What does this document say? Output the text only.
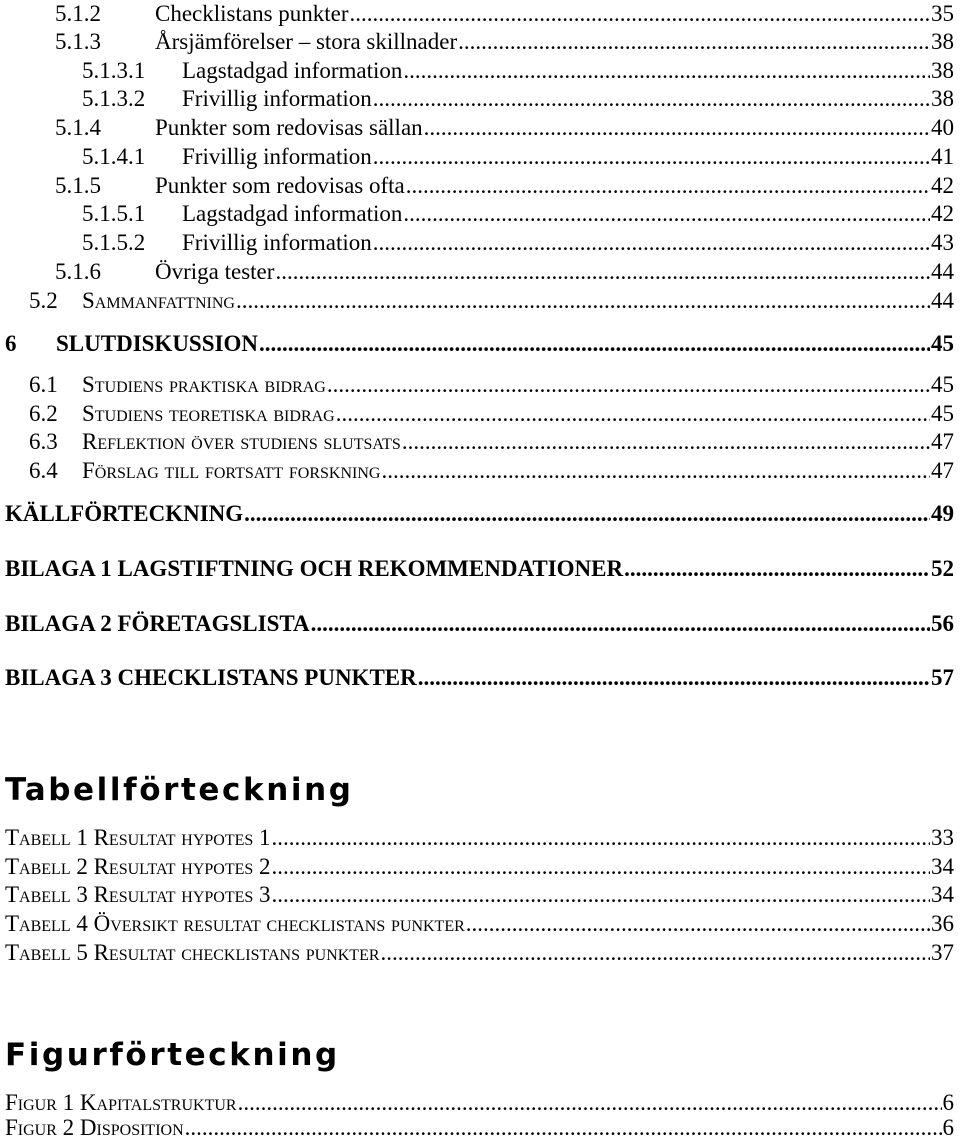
5.1.2 Checklistans punkter .....	35
5.1.3 Årsjämförelser – stora skillnader .....	38
5.1.3.1 Lagstadgad information .....	38
5.1.3.2 Frivillig information .....	38
5.1.4 Punkter som redovisas sällan .....	40
5.1.4.1 Frivillig information .....	41
5.1.5 Punkter som redovisas ofta .....	42
5.1.5.1 Lagstadgad information .....	42
5.1.5.2 Frivillig information .....	43
5.1.6 Övriga tester .....	44
5.2 Sammanfattning .....	44
6 SLUTDISKUSSION .....	45
6.1 Studiens praktiska bidrag .....	45
6.2 Studiens teoretiska bidrag .....	45
6.3 Reflektion över studiens slutsats .....	47
6.4 Förslag till fortsatt forskning .....	47
KÄLLFÖRTECKNING .....	49
BILAGA 1 LAGSTIFTNING OCH REKOMMENDATIONER .....	52
BILAGA 2 FÖRETAGSLISTA .....	56
BILAGA 3 CHECKLISTANS PUNKTER .....	57
Tabellförteckning
Tabell 1 Resultat hypotes 1 .....	33
Tabell 2 Resultat hypotes 2 .....	34
Tabell 3 Resultat hypotes 3 .....	34
Tabell 4 Översikt resultat checklistans punkter .....	36
Tabell 5 Resultat checklistans punkter .....	37
Figurförteckning
Figur 1 Kapitalstruktur .....	6
Figur 2 Disposition .....	6
